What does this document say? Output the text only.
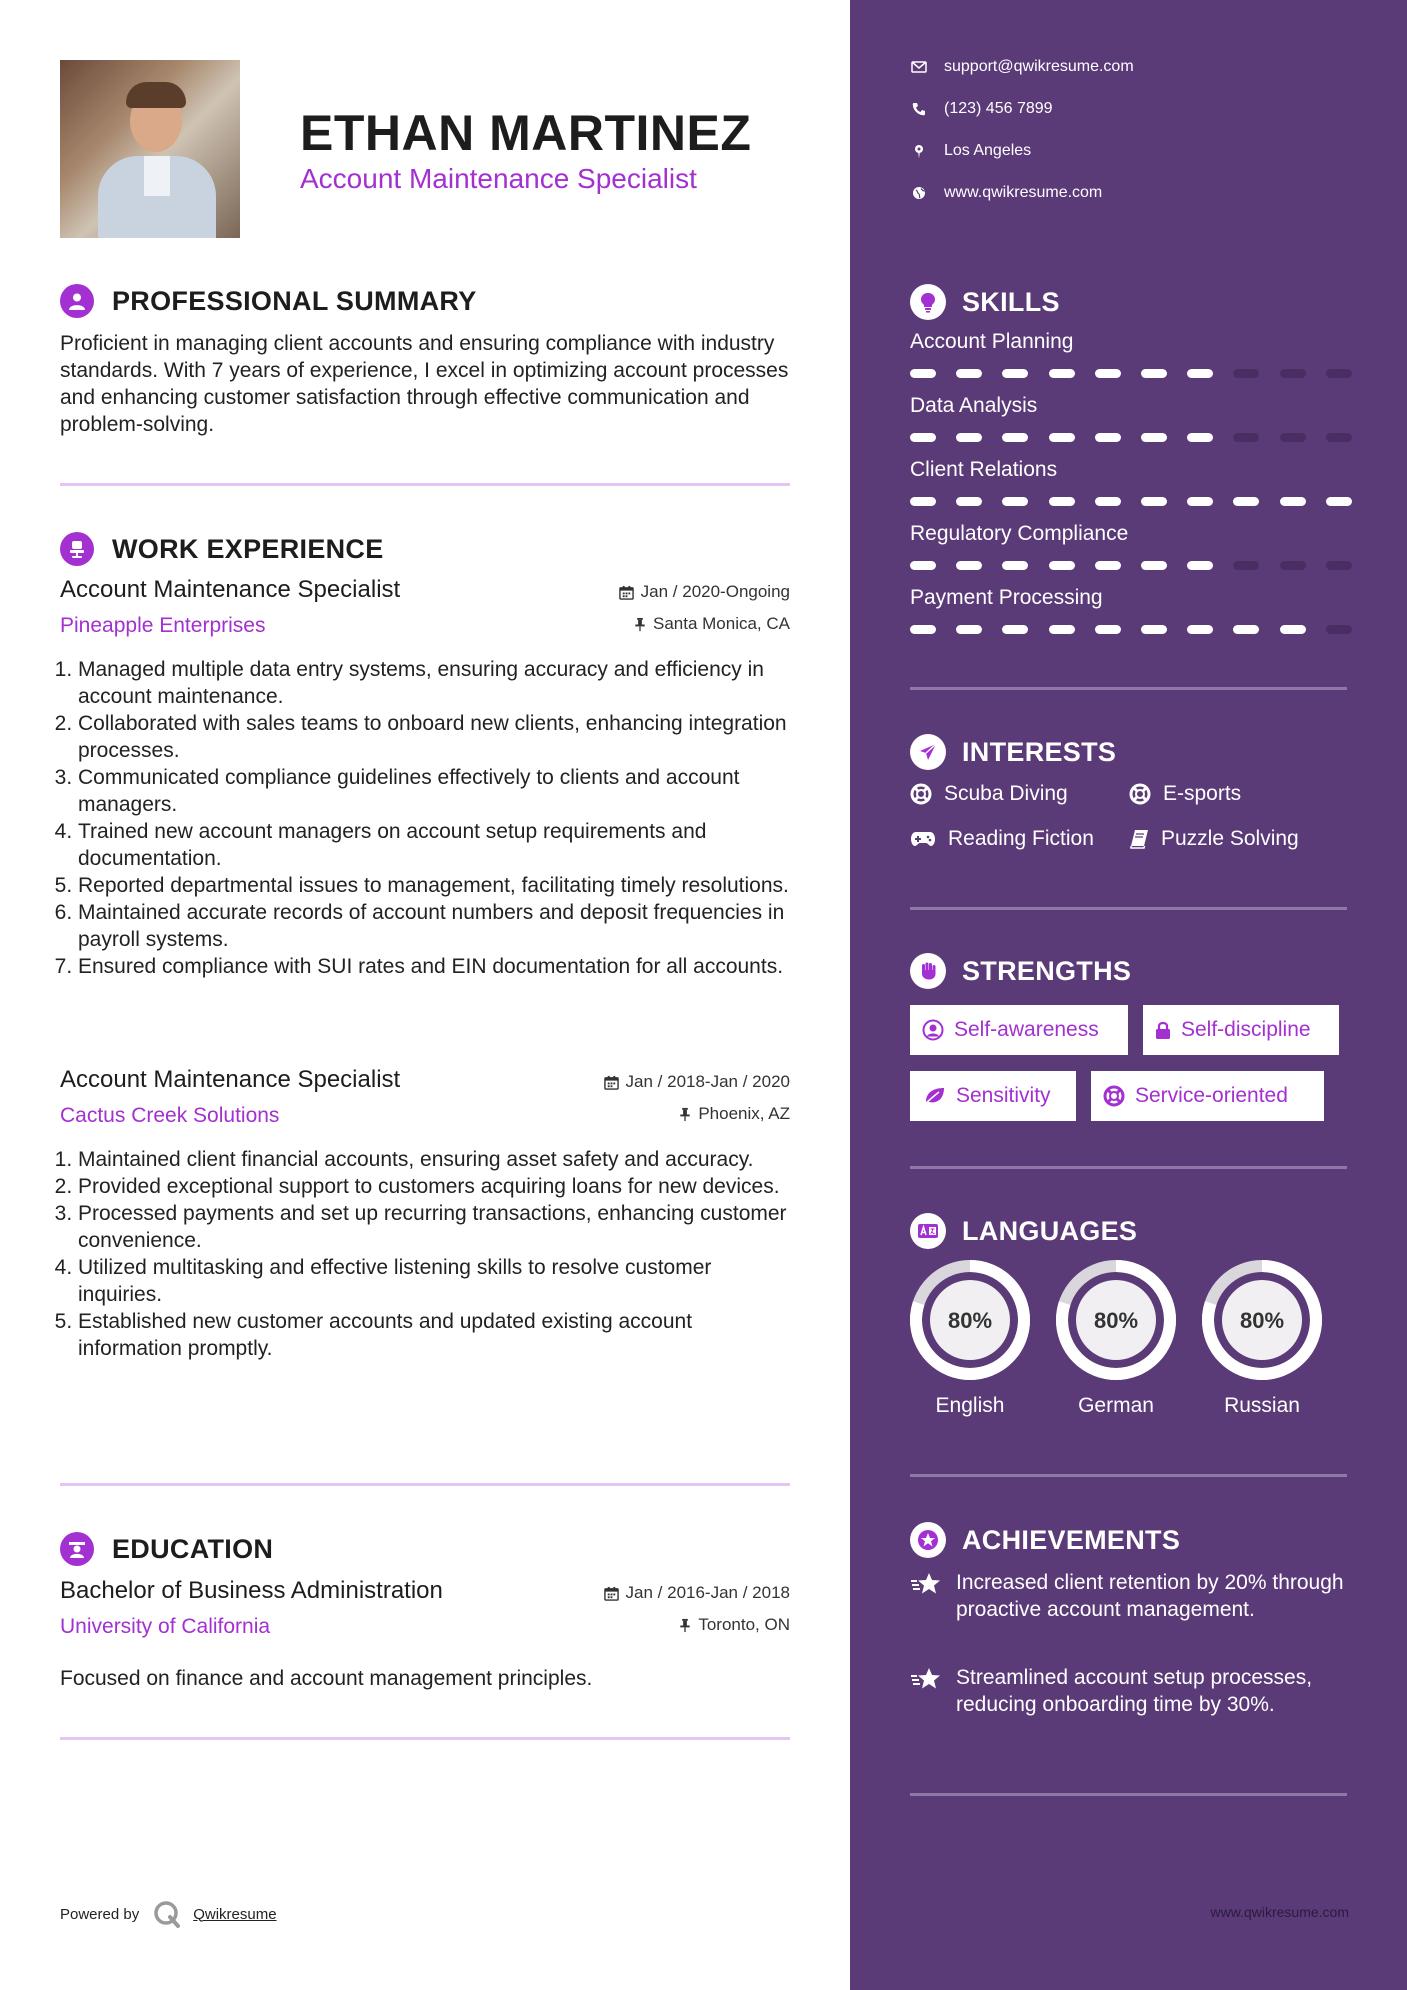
ETHAN MARTINEZ
Account Maintenance Specialist
PROFESSIONAL SUMMARY
Proficient in managing client accounts and ensuring compliance with industry standards. With 7 years of experience, I excel in optimizing account processes and enhancing customer satisfaction through effective communication and problem-solving.
WORK EXPERIENCE
Account Maintenance Specialist
Pineapple Enterprises
Jan / 2020-Ongoing
Santa Monica, CA
1. Managed multiple data entry systems, ensuring accuracy and efficiency in account maintenance.
2. Collaborated with sales teams to onboard new clients, enhancing integration processes.
3. Communicated compliance guidelines effectively to clients and account managers.
4. Trained new account managers on account setup requirements and documentation.
5. Reported departmental issues to management, facilitating timely resolutions.
6. Maintained accurate records of account numbers and deposit frequencies in payroll systems.
7. Ensured compliance with SUI rates and EIN documentation for all accounts.
Account Maintenance Specialist
Cactus Creek Solutions
Jan / 2018-Jan / 2020
Phoenix, AZ
1. Maintained client financial accounts, ensuring asset safety and accuracy.
2. Provided exceptional support to customers acquiring loans for new devices.
3. Processed payments and set up recurring transactions, enhancing customer convenience.
4. Utilized multitasking and effective listening skills to resolve customer inquiries.
5. Established new customer accounts and updated existing account information promptly.
EDUCATION
Bachelor of Business Administration
University of California
Jan / 2016-Jan / 2018
Toronto, ON
Focused on finance and account management principles.
Powered by	Qwikresume
support@qwikresume.com
(123) 456 7899
Los Angeles
www.qwikresume.com
SKILLS
Account Planning
Data Analysis
Client Relations
Regulatory Compliance
Payment Processing
INTERESTS
Scuba Diving	E-sports
Reading Fiction	Puzzle Solving
STRENGTHS
Self-awareness	Self-discipline
Sensitivity	Service-oriented
LANGUAGES
80%
English
80%
German
80%
Russian
ACHIEVEMENTS
Increased client retention by 20% through proactive account management.
Streamlined account setup processes, reducing onboarding time by 30%.
www.qwikresume.com
